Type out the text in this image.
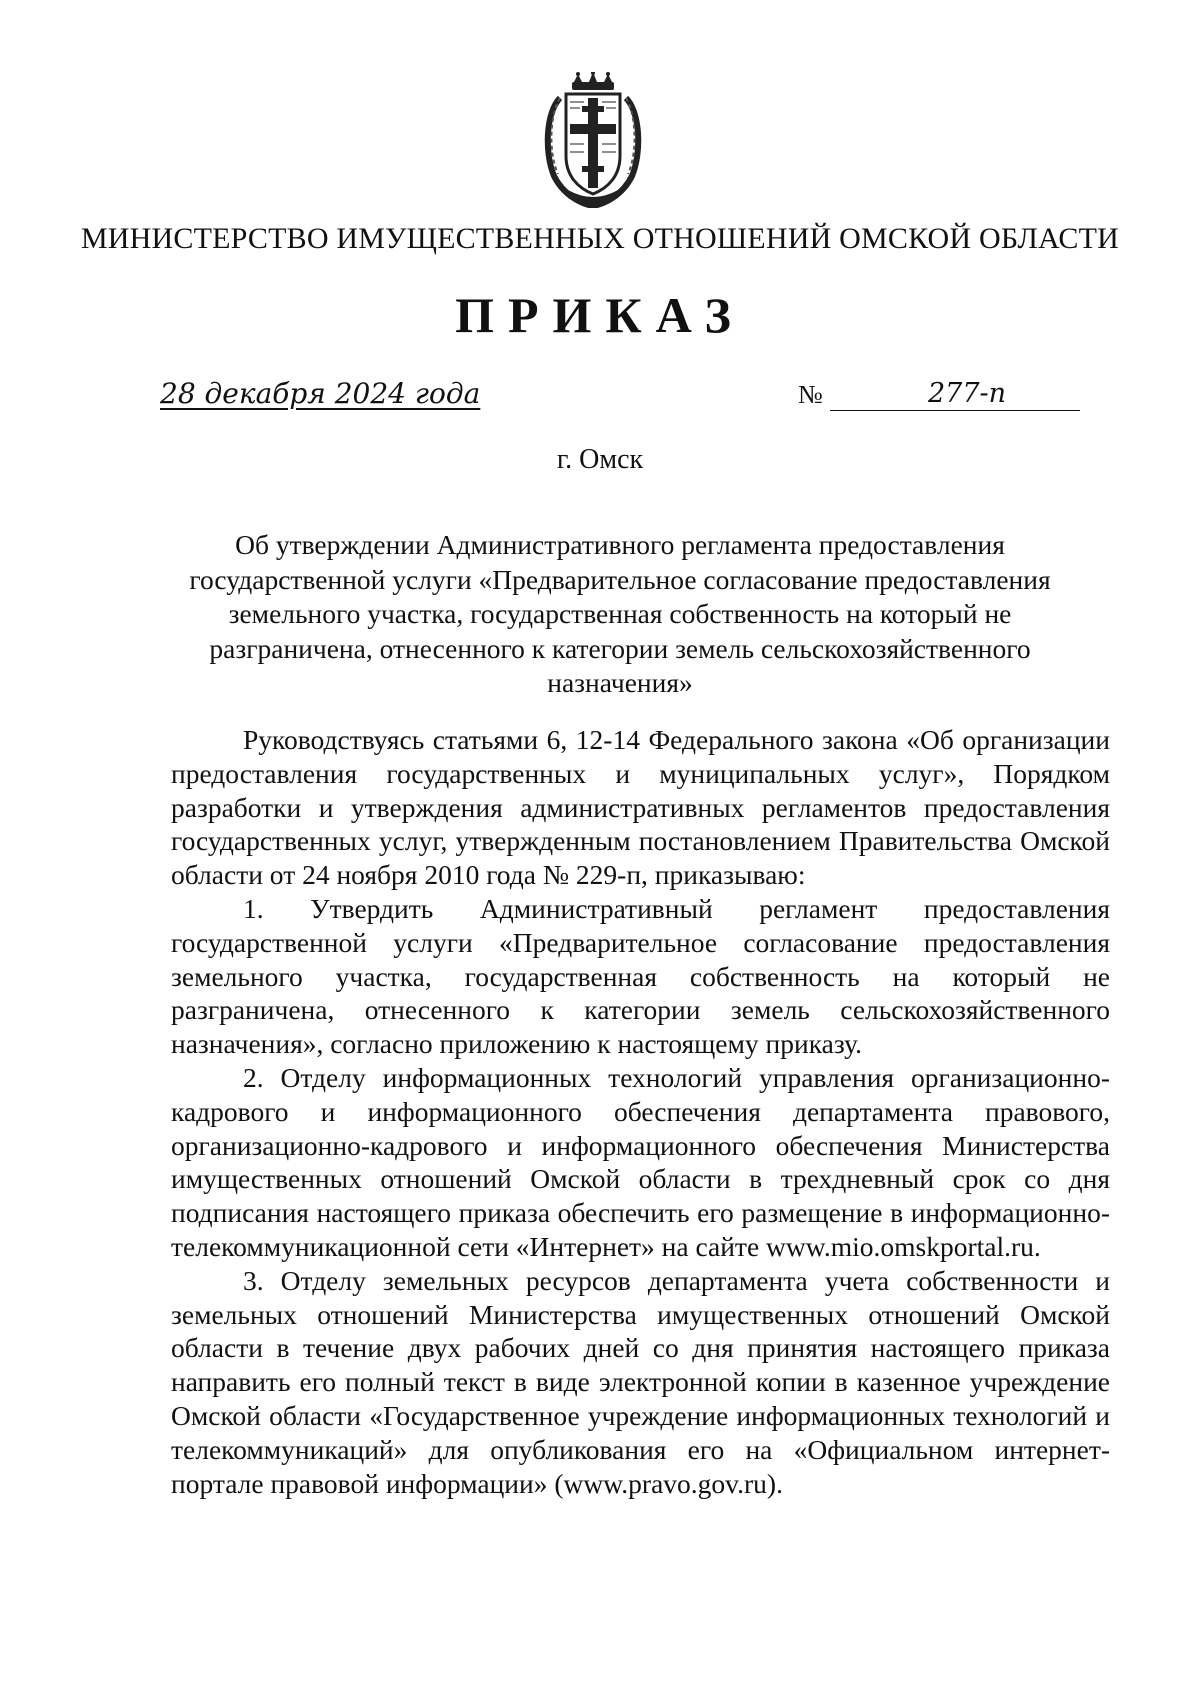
МИНИСТЕРСТВО ИМУЩЕСТВЕННЫХ ОТНОШЕНИЙ ОМСКОЙ ОБЛАСТИ
ПРИКАЗ
28 декабря 2024 года	№	277-п
г. Омск
Об утверждении Административного регламента предоставления государственной услуги «Предварительное согласование предоставления земельного участка, государственная собственность на который не разграничена, отнесенного к категории земель сельскохозяйственного назначения»

Руководствуясь статьями 6, 12-14 Федерального закона «Об организации предоставления государственных и муниципальных услуг», Порядком разработки и утверждения административных регламентов предоставления государственных услуг, утвержденным постановлением Правительства Омской области от 24 ноября 2010 года № 229-п, приказываю:

1. Утвердить Административный регламент предоставления государственной услуги «Предварительное согласование предоставления земельного участка, государственная собственность на который не разграничена, отнесенного к категории земель сельскохозяйственного назначения», согласно приложению к настоящему приказу.

2. Отделу информационных технологий управления организационно-кадрового и информационного обеспечения департамента правового, организационно-кадрового и информационного обеспечения Министерства имущественных отношений Омской области в трехдневный срок со дня подписания настоящего приказа обеспечить его размещение в информационно-телекоммуникационной сети «Интернет» на сайте www.mio.omskportal.ru.

3. Отделу земельных ресурсов департамента учета собственности и земельных отношений Министерства имущественных отношений Омской области в течение двух рабочих дней со дня принятия настоящего приказа направить его полный текст в виде электронной копии в казенное учреждение Омской области «Государственное учреждение информационных технологий и телекоммуникаций» для опубликования его на «Официальном интернет-портале правовой информации» (www.pravo.gov.ru).
